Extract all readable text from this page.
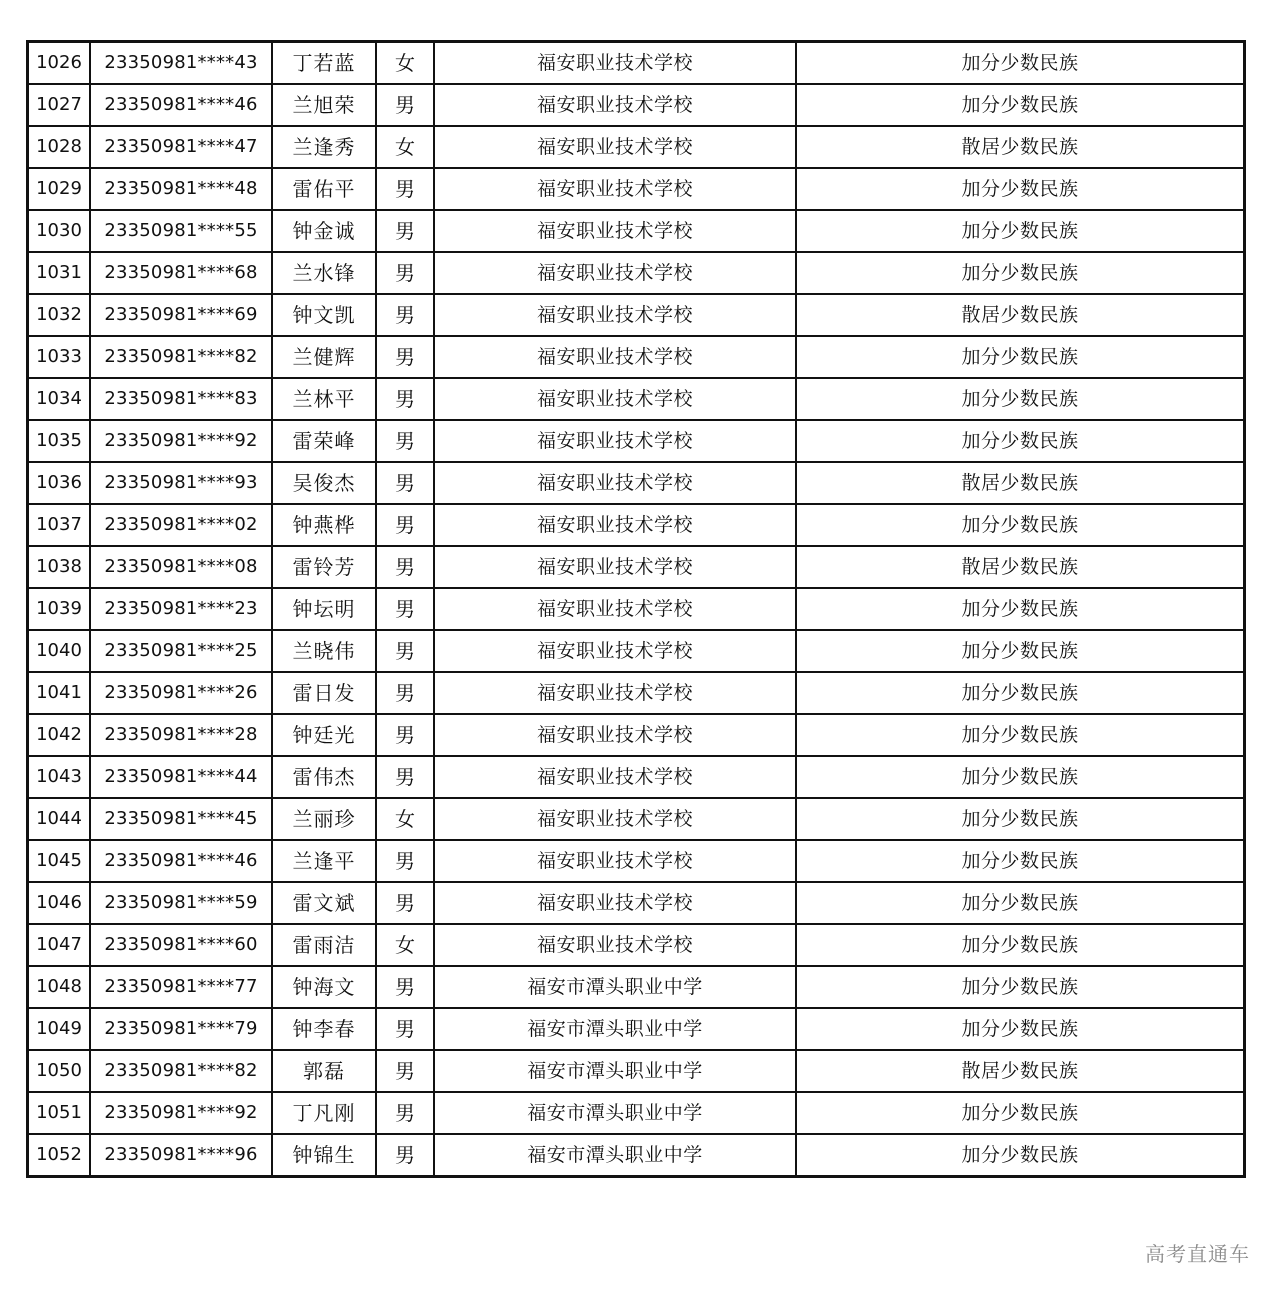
1026	23350981****43	丁若蓝	女	福安职业技术学校	加分少数民族
1027	23350981****46	兰旭荣	男	福安职业技术学校	加分少数民族
1028	23350981****47	兰逢秀	女	福安职业技术学校	散居少数民族
1029	23350981****48	雷佑平	男	福安职业技术学校	加分少数民族
1030	23350981****55	钟金诚	男	福安职业技术学校	加分少数民族
1031	23350981****68	兰水锋	男	福安职业技术学校	加分少数民族
1032	23350981****69	钟文凯	男	福安职业技术学校	散居少数民族
1033	23350981****82	兰健辉	男	福安职业技术学校	加分少数民族
1034	23350981****83	兰林平	男	福安职业技术学校	加分少数民族
1035	23350981****92	雷荣峰	男	福安职业技术学校	加分少数民族
1036	23350981****93	吴俊杰	男	福安职业技术学校	散居少数民族
1037	23350981****02	钟燕桦	男	福安职业技术学校	加分少数民族
1038	23350981****08	雷铃芳	男	福安职业技术学校	散居少数民族
1039	23350981****23	钟坛明	男	福安职业技术学校	加分少数民族
1040	23350981****25	兰晓伟	男	福安职业技术学校	加分少数民族
1041	23350981****26	雷日发	男	福安职业技术学校	加分少数民族
1042	23350981****28	钟廷光	男	福安职业技术学校	加分少数民族
1043	23350981****44	雷伟杰	男	福安职业技术学校	加分少数民族
1044	23350981****45	兰丽珍	女	福安职业技术学校	加分少数民族
1045	23350981****46	兰逢平	男	福安职业技术学校	加分少数民族
1046	23350981****59	雷文斌	男	福安职业技术学校	加分少数民族
1047	23350981****60	雷雨洁	女	福安职业技术学校	加分少数民族
1048	23350981****77	钟海文	男	福安市潭头职业中学	加分少数民族
1049	23350981****79	钟李春	男	福安市潭头职业中学	加分少数民族
1050	23350981****82	郭磊	男	福安市潭头职业中学	散居少数民族
1051	23350981****92	丁凡刚	男	福安市潭头职业中学	加分少数民族
1052	23350981****96	钟锦生	男	福安市潭头职业中学	加分少数民族
高考直通车
